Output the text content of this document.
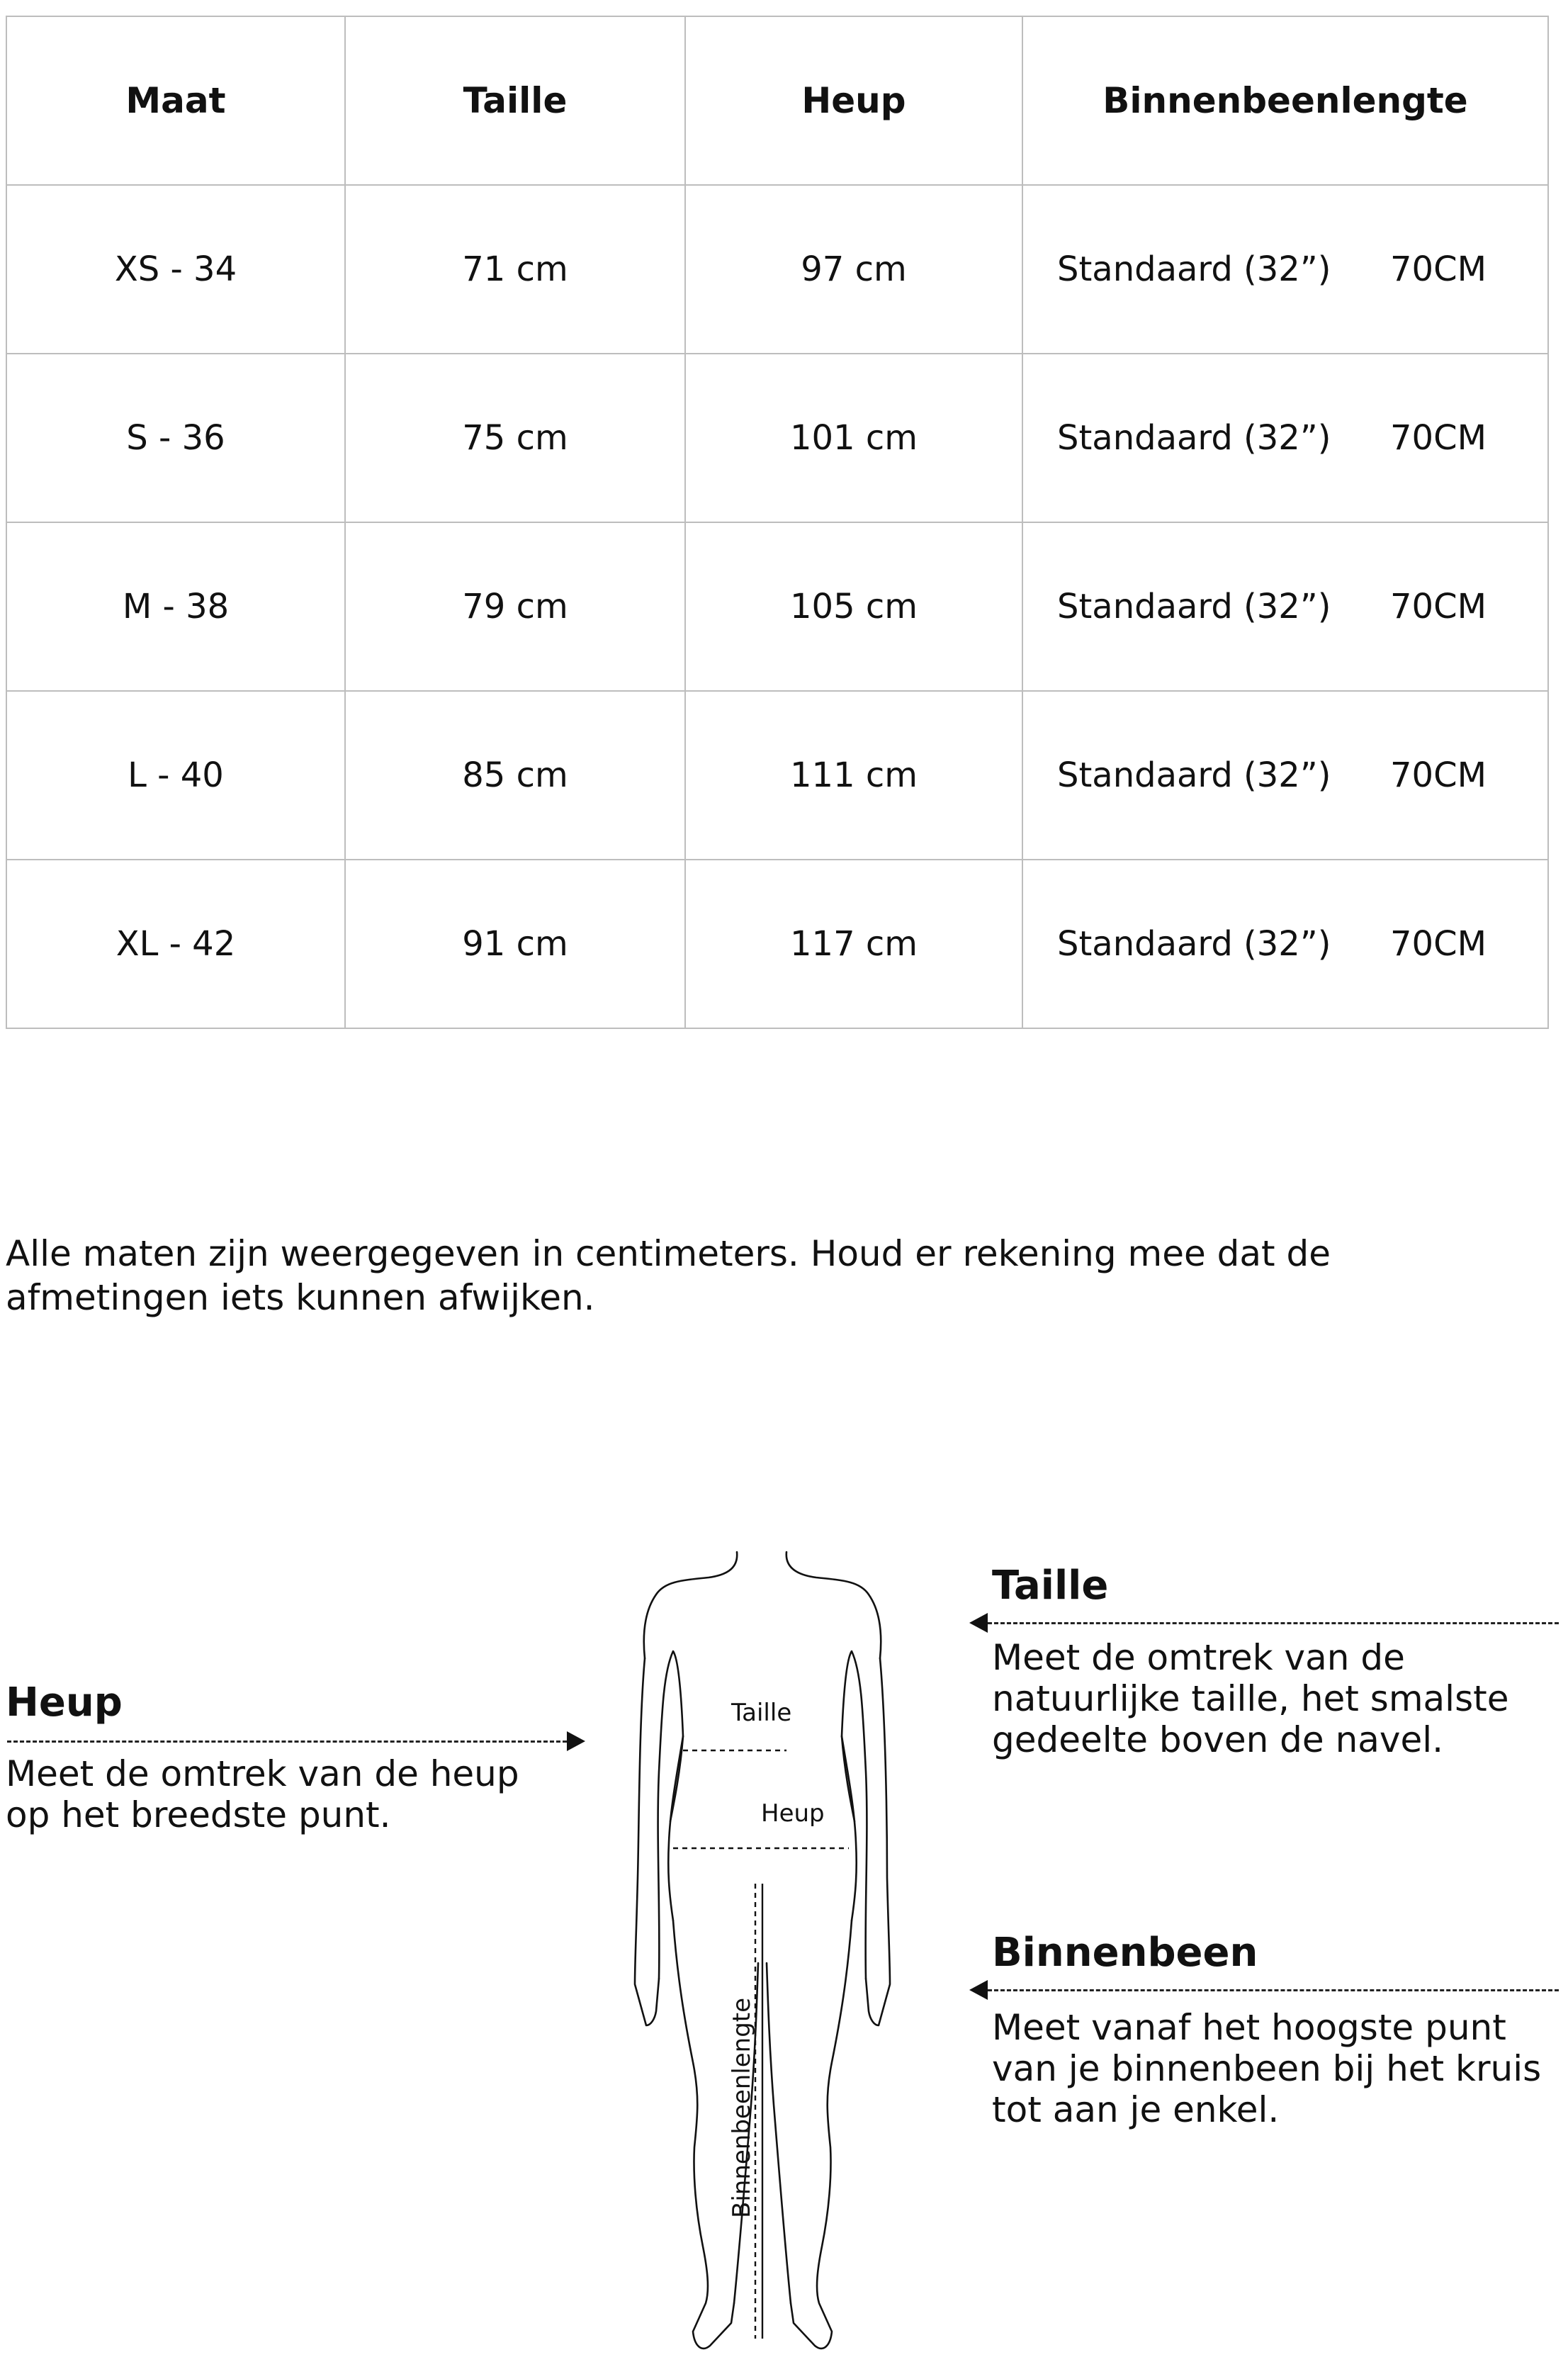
Maat	Taille	Heup	Binnenbeenlengte
XS - 34	71 cm	97 cm	Standaard (32”) 70CM

S - 36	75 cm	101 cm	Standaard (32”) 70CM

M - 38	79 cm	105 cm	Standaard (32”) 70CM

L - 40	85 cm	111 cm	Standaard (32”) 70CM

XL - 42	91 cm	117 cm	Standaard (32”) 70CM

Alle maten zijn weergegeven in centimeters. Houd er rekening mee dat de afmetingen iets kunnen afwijken.

Heup

Meet de omtrek van de heup op het breedste punt.

Taille

Meet de omtrek van de natuurlijke taille, het smalste gedeelte boven de navel.

Binnenbeen

Meet vanaf het hoogste punt van je binnenbeen bij het kruis tot aan je enkel.

Taille
Heup
Binnenbeenlengte
